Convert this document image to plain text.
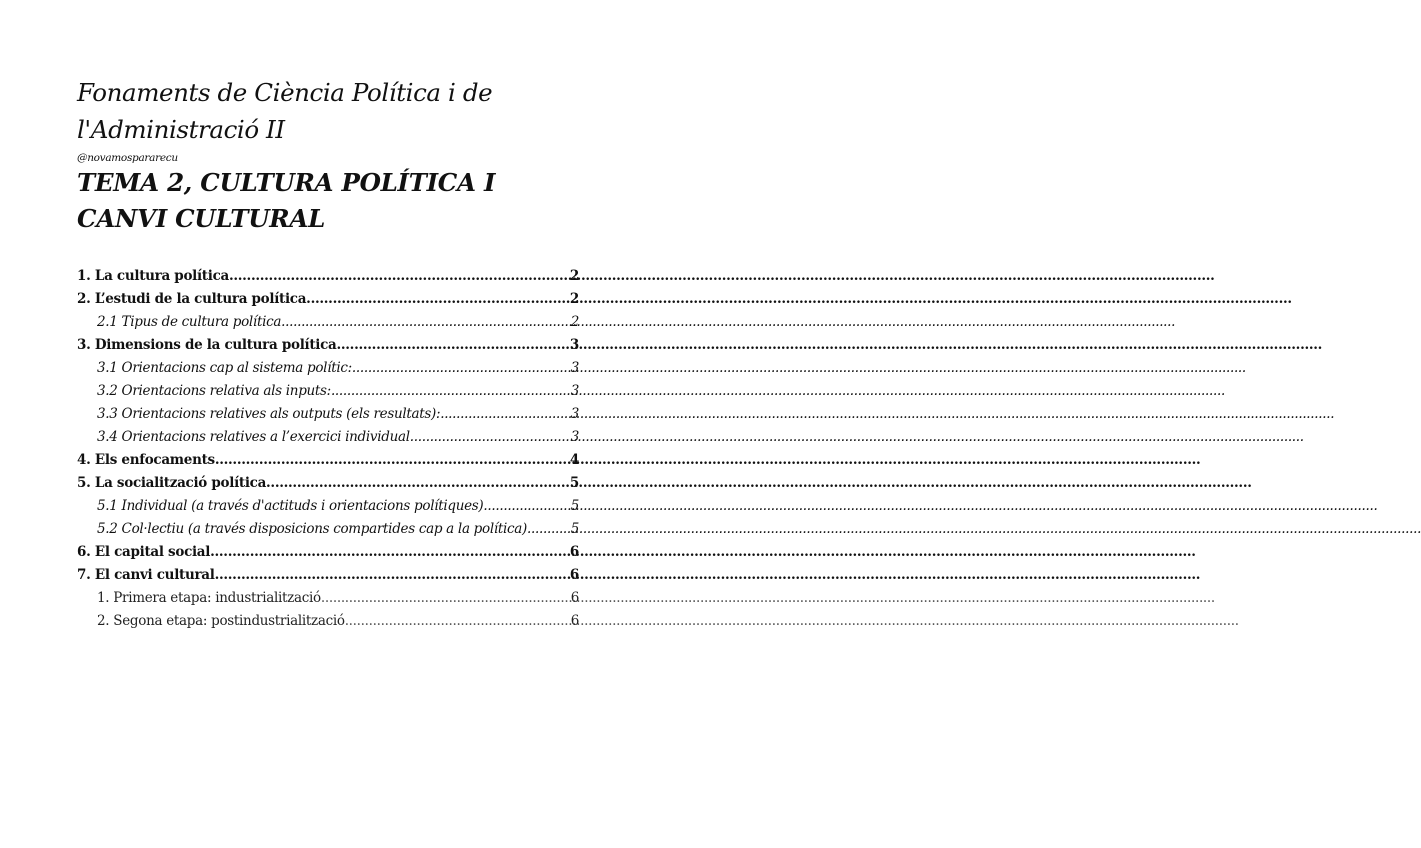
Fonaments de Ciència Política i de l'Administració II
@novamospararecu
TEMA 2, CULTURA POLÍTICA I CANVI CULTURAL
1. La cultura política .....	2
2. L’estudi de la cultura política .....	2
2.1 Tipus de cultura política .....	2
3. Dimensions de la cultura política .....	3
3.1 Orientacions cap al sistema polític: .....	3
3.2 Orientacions relativa als inputs: .....	3
3.3 Orientacions relatives als outputs (els resultats): .....	3
3.4 Orientacions relatives a l’exercici individual .....	3
4. Els enfocaments .....	4
5. La socialització política .....	5
5.1 Individual (a través d'actituds i orientacions polítiques) .....	5
5.2 Col·lectiu (a través disposicions compartides cap a la política) .....	5
6. El capital social .....	6
7. El canvi cultural .....	6
1. Primera etapa: industrialització .....	6
2. Segona etapa: postindustrialització .....	6
